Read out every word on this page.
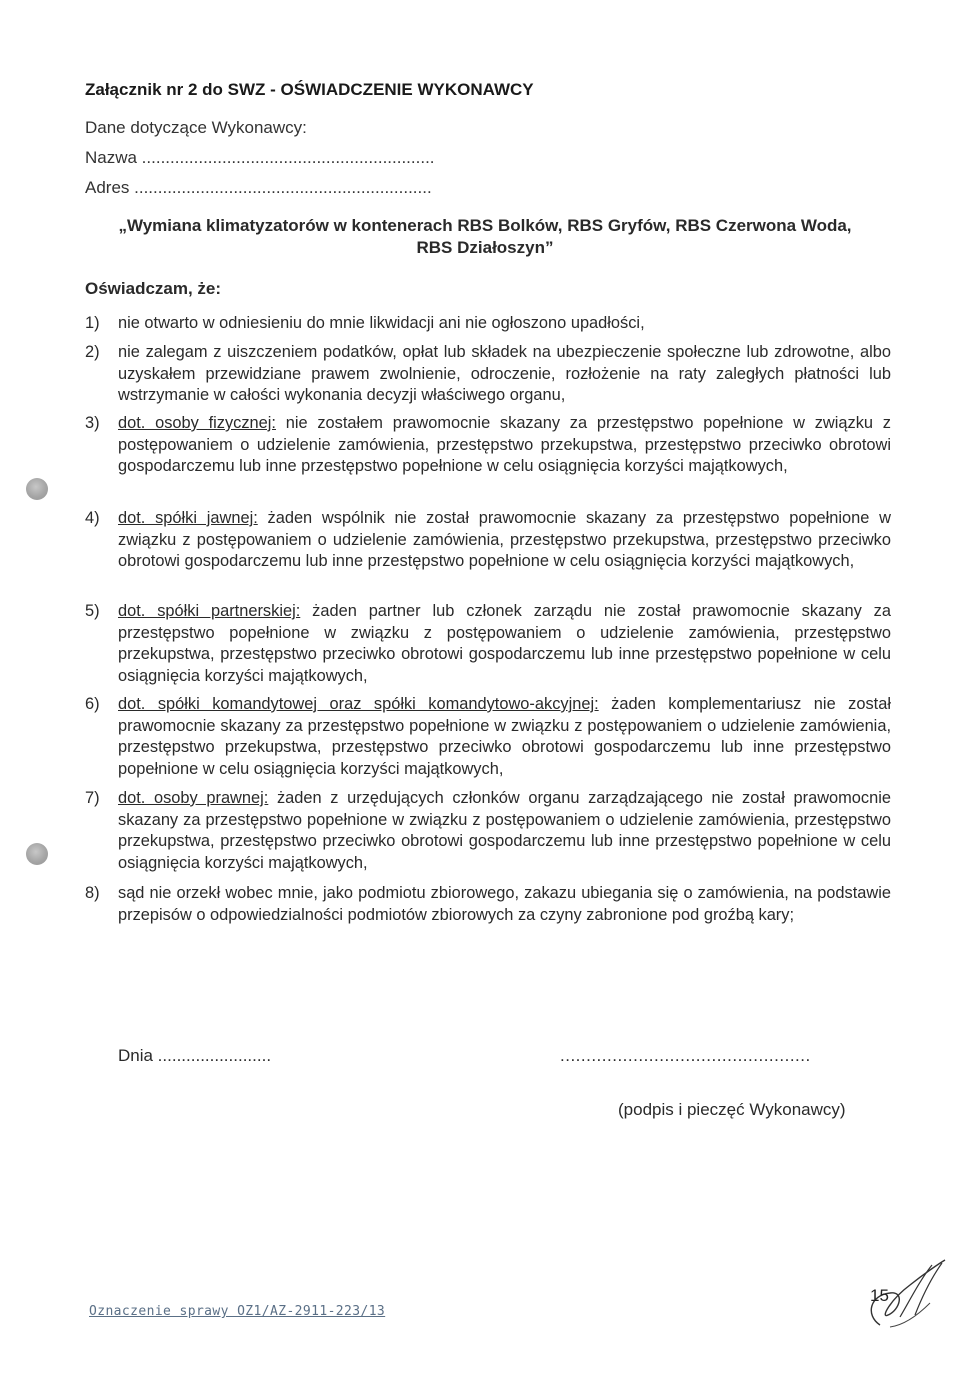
Załącznik nr 2 do SWZ - OŚWIADCZENIE WYKONAWCY
Dane dotyczące Wykonawcy:
Nazwa ..............................................................
Adres ...............................................................
„Wymiana klimatyzatorów w kontenerach RBS Bolków, RBS Gryfów, RBS Czerwona Woda,
RBS Działoszyn”
Oświadczam, że:
1)	nie otwarto w odniesieniu do mnie likwidacji ani nie ogłoszono upadłości,
2)	nie zalegam z uiszczeniem podatków, opłat lub składek na ubezpieczenie społeczne lub zdrowotne, albo uzyskałem przewidziane prawem zwolnienie, odroczenie, rozłożenie na raty zaległych płatności lub wstrzymanie w całości wykonania decyzji właściwego organu,
3)	dot. osoby fizycznej: nie zostałem prawomocnie skazany za przestępstwo popełnione w związku z postępowaniem o udzielenie zamówienia, przestępstwo przekupstwa, przestępstwo przeciwko obrotowi gospodarczemu lub inne przestępstwo popełnione w celu osiągnięcia korzyści majątkowych,
4)	dot. spółki jawnej: żaden wspólnik nie został prawomocnie skazany za przestępstwo popełnione w związku z postępowaniem o udzielenie zamówienia, przestępstwo przekupstwa, przestępstwo przeciwko obrotowi gospodarczemu lub inne przestępstwo popełnione w celu osiągnięcia korzyści majątkowych,
5)	dot. spółki partnerskiej: żaden partner lub członek zarządu nie został prawomocnie skazany za przestępstwo popełnione w związku z postępowaniem o udzielenie zamówienia, przestępstwo przekupstwa, przestępstwo przeciwko obrotowi gospodarczemu lub inne przestępstwo popełnione w celu osiągnięcia korzyści majątkowych,
6)	dot. spółki komandytowej oraz spółki komandytowo-akcyjnej: żaden komplementariusz nie został prawomocnie skazany za przestępstwo popełnione w związku z postępowaniem o udzielenie zamówienia, przestępstwo przekupstwa, przestępstwo przeciwko obrotowi gospodarczemu lub inne przestępstwo popełnione w celu osiągnięcia korzyści majątkowych,
7)	dot. osoby prawnej: żaden z urzędujących członków organu zarządzającego nie został prawomocnie skazany za przestępstwo popełnione w związku z postępowaniem o udzielenie zamówienia, przestępstwo przekupstwa, przestępstwo przeciwko obrotowi gospodarczemu lub inne przestępstwo popełnione w celu osiągnięcia korzyści majątkowych,
8)	sąd nie orzekł wobec mnie, jako podmiotu zbiorowego, zakazu ubiegania się o zamówienia, na podstawie przepisów o odpowiedzialności podmiotów zbiorowych za czyny zabronione pod groźbą kary;
Dnia ........................	................................................
(podpis i pieczęć Wykonawcy)
Oznaczenie sprawy OZ1/AZ-2911-223/13
15
